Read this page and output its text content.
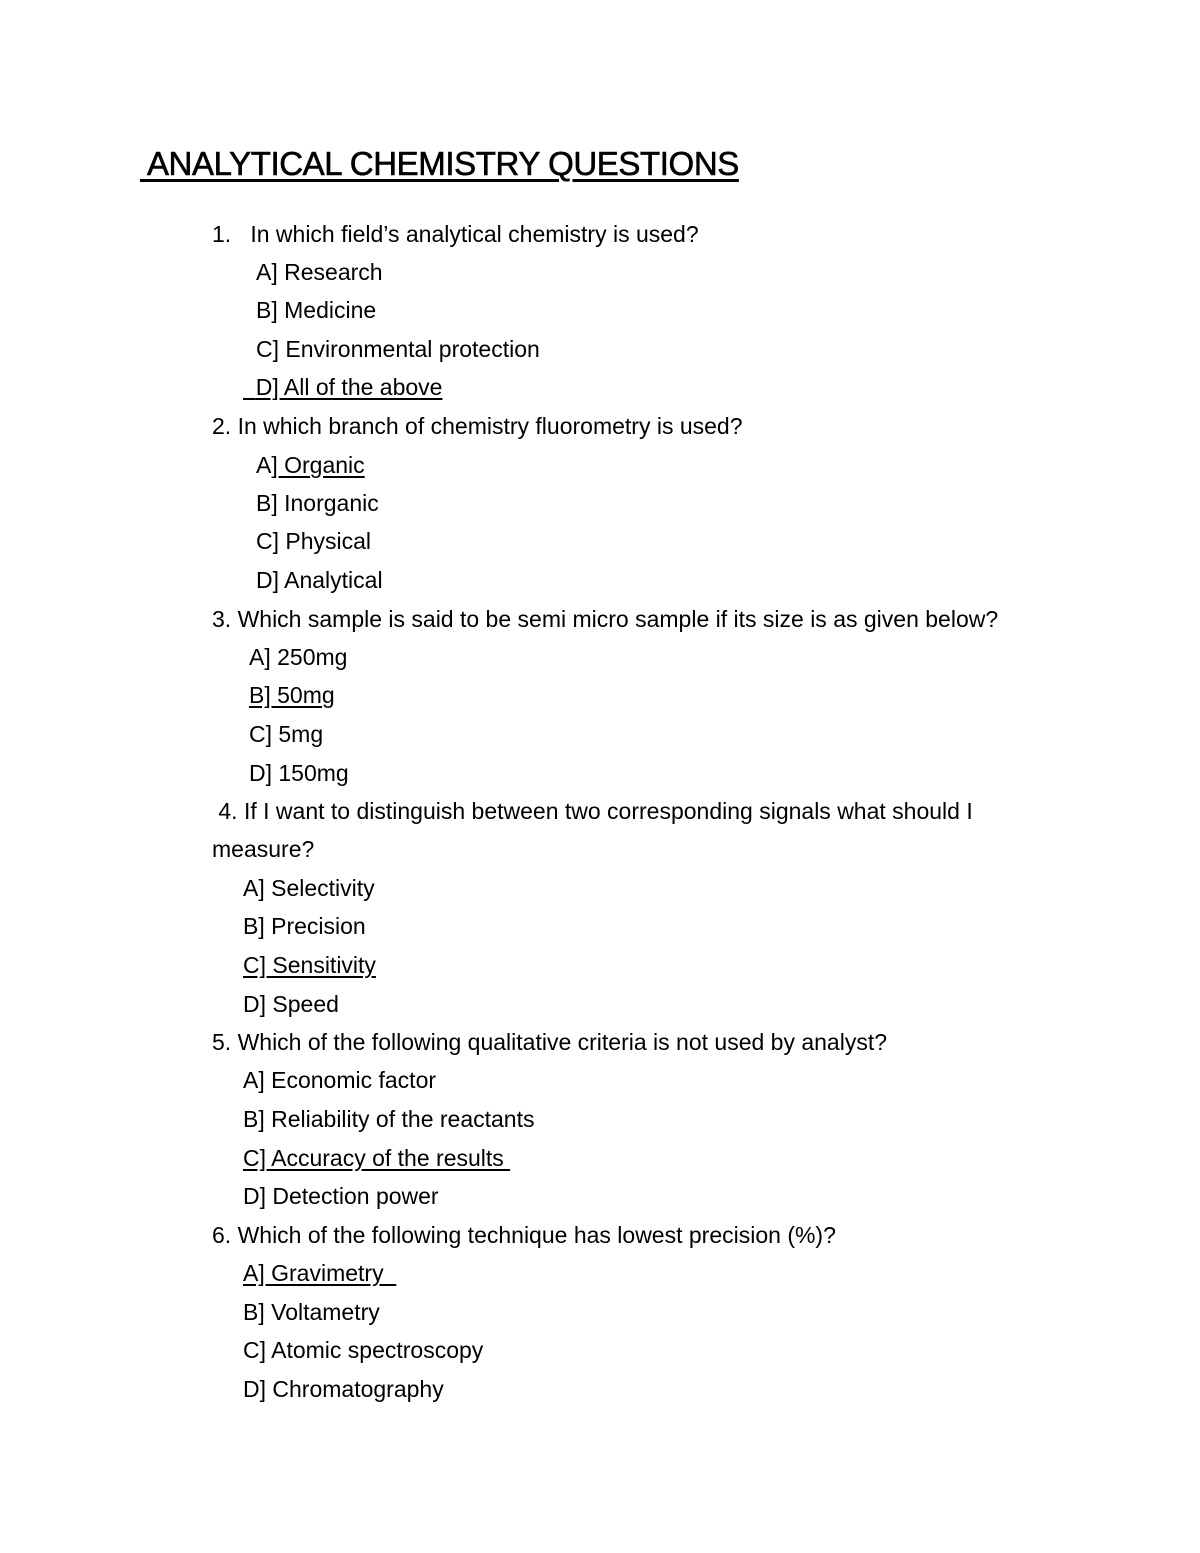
ANALYTICAL CHEMISTRY QUESTIONS
1.   In which field’s analytical chemistry is used?
A] Research
B] Medicine
C] Environmental protection
D] All of the above
2. In which branch of chemistry fluorometry is used?
A] Organic
B] Inorganic
C] Physical
D] Analytical
3. Which sample is said to be semi micro sample if its size is as given below?
A] 250mg
B] 50mg
C] 5mg
D] 150mg
4. If I want to distinguish between two corresponding signals what should I
measure?
A] Selectivity
B] Precision
C] Sensitivity
D] Speed
5. Which of the following qualitative criteria is not used by analyst?
A] Economic factor
B] Reliability of the reactants
C] Accuracy of the results
D] Detection power
6. Which of the following technique has lowest precision (%)?
A] Gravimetry
B] Voltametry
C] Atomic spectroscopy
D] Chromatography
